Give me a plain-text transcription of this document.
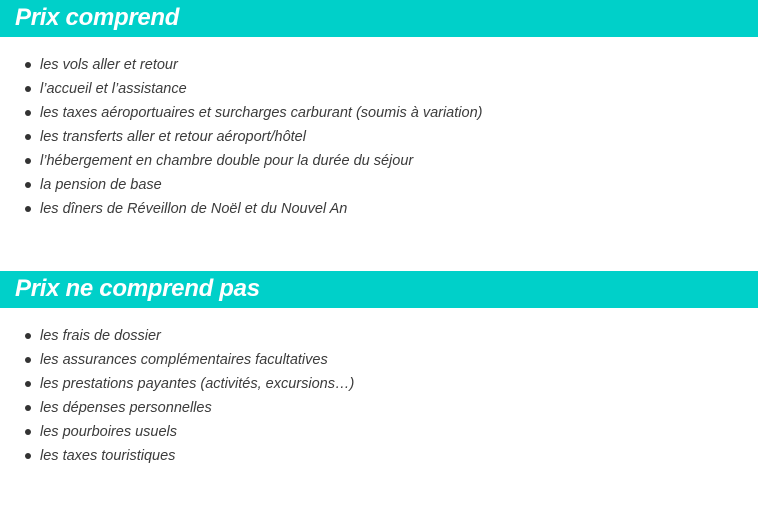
Prix comprend
les vols aller et retour
l’accueil et l’assistance
les taxes aéroportuaires et surcharges carburant (soumis à variation)
les transferts aller et retour aéroport/hôtel
l’hébergement en chambre double pour la durée du séjour
la pension de base
les dîners de Réveillon de Noël et du Nouvel An
Prix ne comprend pas
les frais de dossier
les assurances complémentaires facultatives
les prestations payantes (activités, excursions…)
les dépenses personnelles
les pourboires usuels
les taxes touristiques
